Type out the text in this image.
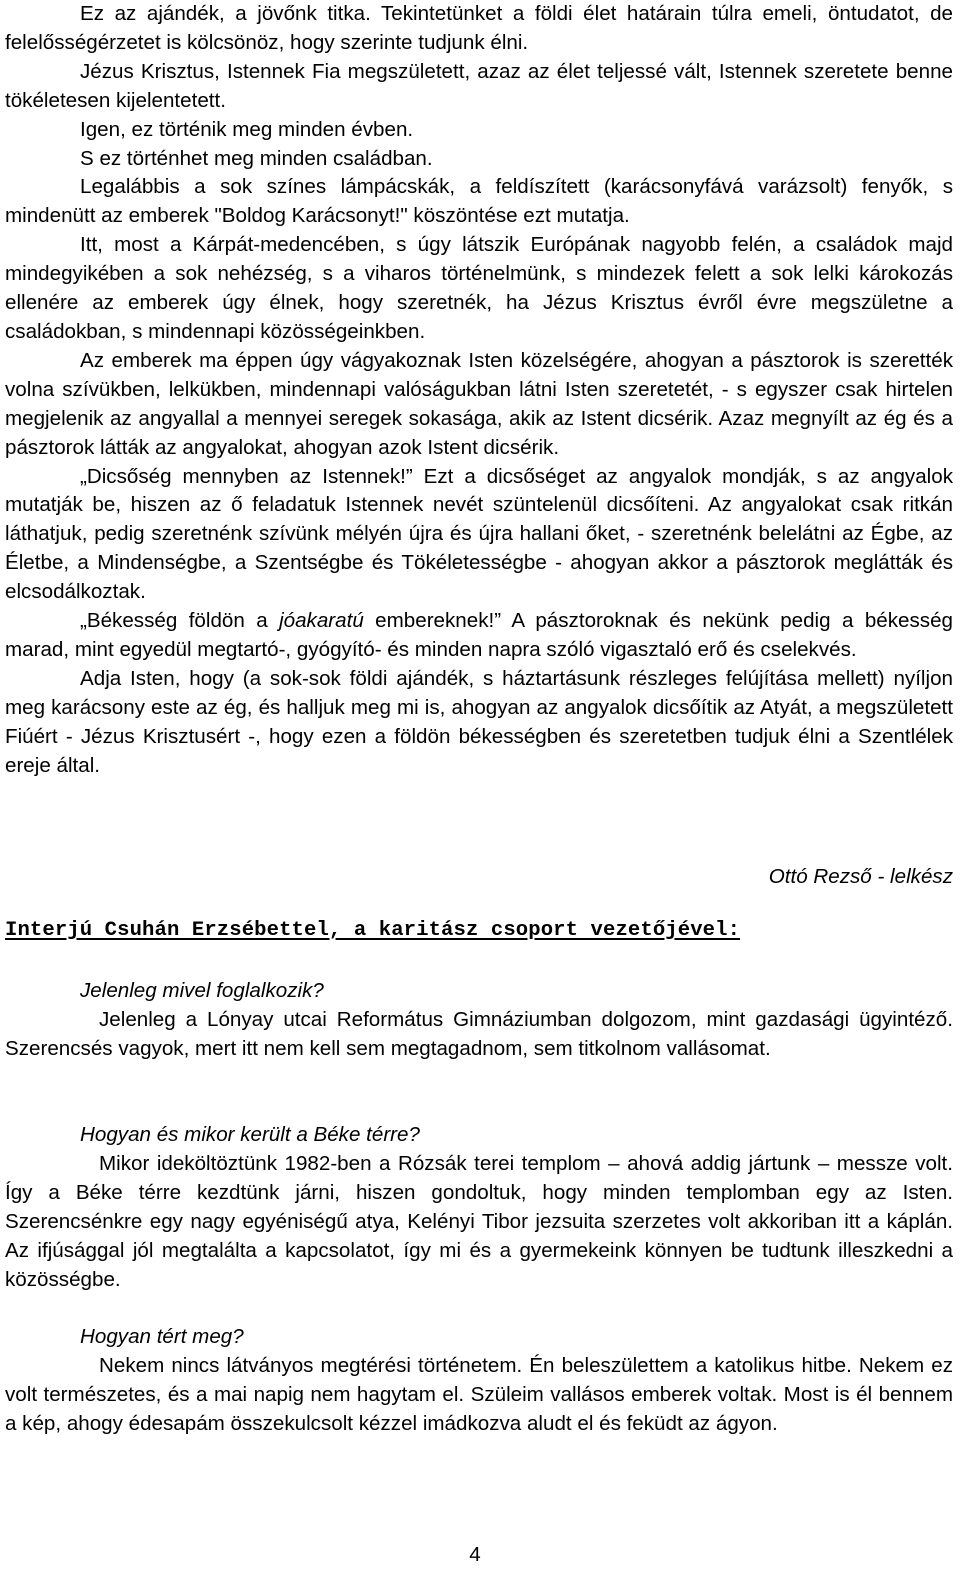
Ez az ajándék, a jövőnk titka. Tekintetünket a földi élet határain túlra emeli, öntudatot, de felelősségérzetet is kölcsönöz, hogy szerinte tudjunk élni.

Jézus Krisztus, Istennek Fia megszületett, azaz az élet teljessé vált, Istennek szeretete benne tökéletesen kijelentetett.

Igen, ez történik meg minden évben.

S ez történhet meg minden családban.

Legalábbis a sok színes lámpácskák, a feldíszített (karácsonyfává varázsolt) fenyők, s mindenütt az emberek "Boldog Karácsonyt!" köszöntése ezt mutatja.

Itt, most a Kárpát-medencében, s úgy látszik Európának nagyobb felén, a családok majd mindegyikében a sok nehézség, s a viharos történelmünk, s mindezek felett a sok lelki károkozás ellenére az emberek úgy élnek, hogy szeretnék, ha Jézus Krisztus évről évre megszületne a családokban, s mindennapi közösségeinkben.

Az emberek ma éppen úgy vágyakoznak Isten közelségére, ahogyan a pásztorok is szerették volna szívükben, lelkükben, mindennapi valóságukban látni Isten szeretetét, - s egyszer csak hirtelen megjelenik az angyallal a mennyei seregek sokasága, akik az Istent dicsérik. Azaz megnyílt az ég és a pásztorok látták az angyalokat, ahogyan azok Istent dicsérik.

„Dicsőség mennyben az Istennek!” Ezt a dicsőséget az angyalok mondják, s az angyalok mutatják be, hiszen az ő feladatuk Istennek nevét szüntelenül dicsőíteni. Az angyalokat csak ritkán láthatjuk, pedig szeretnénk szívünk mélyén újra és újra hallani őket, - szeretnénk belelátni az Égbe, az Életbe, a Mindenségbe, a Szentségbe és Tökéletességbe - ahogyan akkor a pásztorok meglátták és elcsodálkoztak.

„Békesség földön a jóakaratú embereknek!” A pásztoroknak és nekünk pedig a békesség marad, mint egyedül megtartó-, gyógyító- és minden napra szóló vigasztaló erő és cselekvés.

Adja Isten, hogy (a sok-sok földi ajándék, s háztartásunk részleges felújítása mellett) nyíljon meg karácsony este az ég, és halljuk meg mi is, ahogyan az angyalok dicsőítik az Atyát, a megszületett Fiúért - Jézus Krisztusért -, hogy ezen a földön békességben és szeretetben tudjuk élni a Szentlélek ereje által.

Ottó Rezső - lelkész

Interjú Csuhán Erzsébettel, a karitász csoport vezetőjével:

Jelenleg mivel foglalkozik?

Jelenleg a Lónyay utcai Református Gimnáziumban dolgozom, mint gazdasági ügyintéző. Szerencsés vagyok, mert itt nem kell sem megtagadnom, sem titkolnom vallásomat.

Hogyan és mikor került a Béke térre?

Mikor ideköltöztünk 1982-ben a Rózsák terei templom – ahová addig jártunk – messze volt. Így a Béke térre kezdtünk járni, hiszen gondoltuk, hogy minden templomban egy az Isten. Szerencsénkre egy nagy egyéniségű atya, Kelényi Tibor jezsuita szerzetes volt akkoriban itt a káplán. Az ifjúsággal jól megtalálta a kapcsolatot, így mi és a gyermekeink könnyen be tudtunk illeszkedni a közösségbe.

Hogyan tért meg?

Nekem nincs látványos megtérési történetem. Én beleszülettem a katolikus hitbe. Nekem ez volt természetes, és a mai napig nem hagytam el. Szüleim vallásos emberek voltak. Most is él bennem a kép, ahogy édesapám összekulcsolt kézzel imádkozva aludt el és feküdt az ágyon.

4
